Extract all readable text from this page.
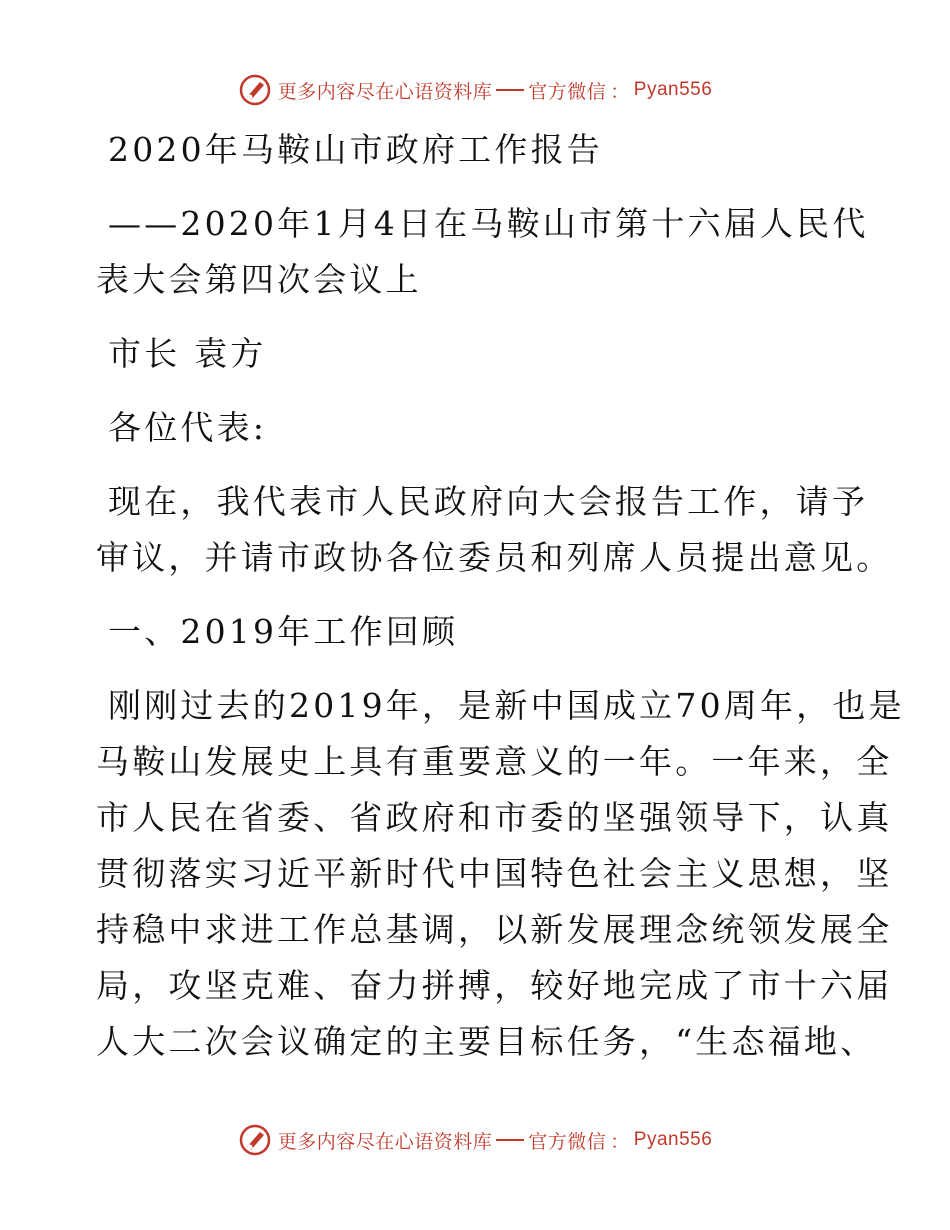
更多内容尽在心语资料库 官方微信 ： Pyan556

2020年马鞍山市政府工作报告

——2020年1月4日在马鞍山市第十六届人民代

表大会第四次会议上

市长 袁方

各位代表:

现在，我代表市人民政府向大会报告工作，请予

审议，并请市政协各位委员和列席人员提出意见。

一、2019年工作回顾

刚刚过去的2019年，是新中国成立70周年，也是

马鞍山发展史上具有重要意义的一年。一年来，全

市人民在省委、省政府和市委的坚强领导下，认真

贯彻落实习近平新时代中国特色社会主义思想，坚

持稳中求进工作总基调，以新发展理念统领发展全

局，攻坚克难、奋力拼搏，较好地完成了市十六届

人大二次会议确定的主要目标任务，“生态福地、

更多内容尽在心语资料库 官方微信 ： Pyan556
